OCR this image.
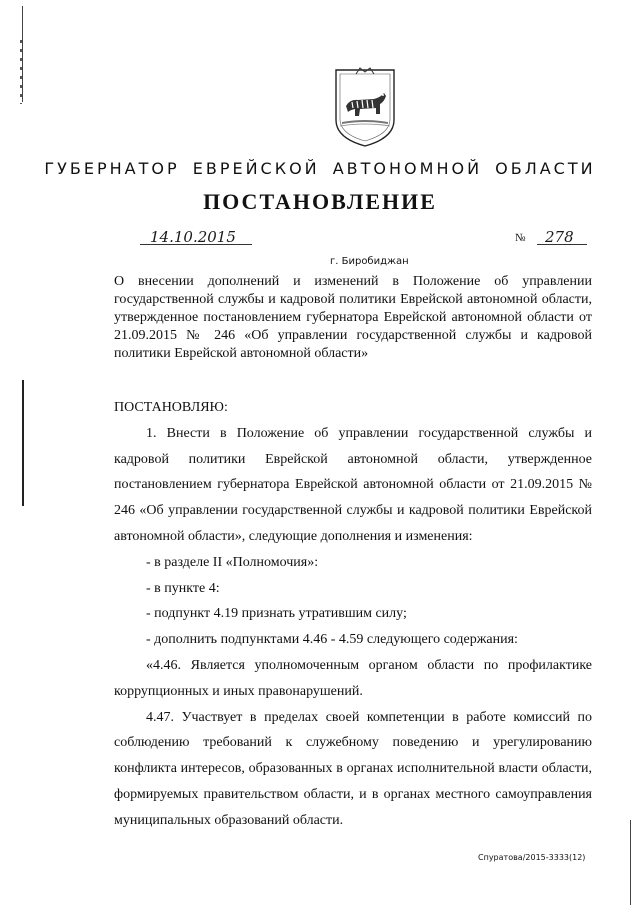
ГУБЕРНАТОР ЕВРЕЙСКОЙ АВТОНОМНОЙ ОБЛАСТИ
ПОСТАНОВЛЕНИЕ
14.10.2015	№ 278
г. Биробиджан
О внесении дополнений и изменений в Положение об управлении государственной службы и кадровой политики Еврейской автономной области, утвержденное постановлением губернатора Еврейской автономной области от 21.09.2015 № 246 «Об управлении государственной службы и кадровой политики Еврейской автономной области»

ПОСТАНОВЛЯЮ:

1. Внести в Положение об управлении государственной службы и кадровой политики Еврейской автономной области, утвержденное постановлением губернатора Еврейской автономной области от 21.09.2015 № 246 «Об управлении государственной службы и кадровой политики Еврейской автономной области», следующие дополнения и изменения:

- в разделе II «Полномочия»:

- в пункте 4:

- подпункт 4.19 признать утратившим силу;

- дополнить подпунктами 4.46 - 4.59 следующего содержания:

«4.46. Является уполномоченным органом области по профилактике коррупционных и иных правонарушений.

4.47. Участвует в пределах своей компетенции в работе комиссий по соблюдению требований к служебному поведению и урегулированию конфликта интересов, образованных в органах исполнительной власти области, формируемых правительством области, и в органах местного самоуправления муниципальных образований области.

Спуратова/2015-3333(12)
